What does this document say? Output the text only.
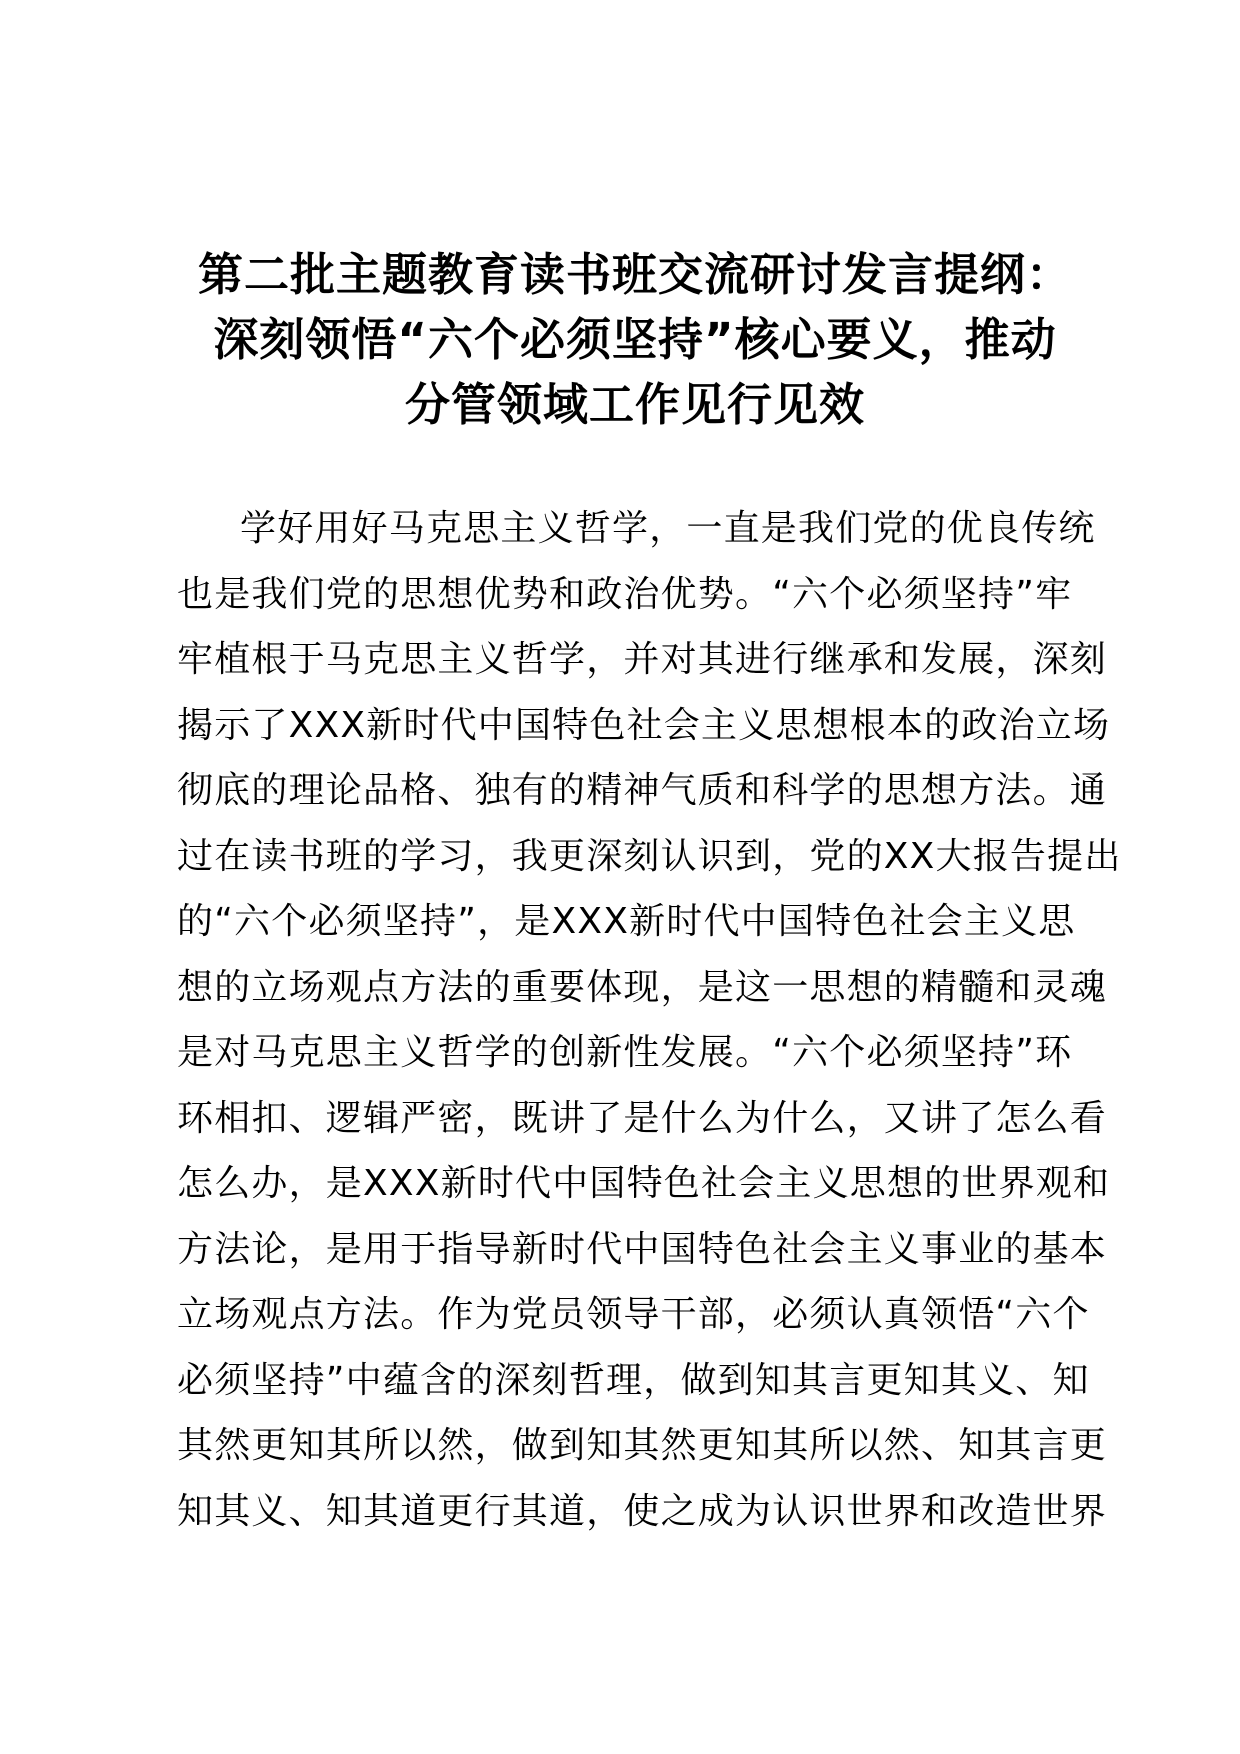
第二批主题教育读书班交流研讨发言提纲：
深刻领悟“六个必须坚持”核心要义，推动
分管领域工作见行见效
学好用好马克思主义哲学，一直是我们党的优良传统
也是我们党的思想优势和政治优势。“六个必须坚持”牢
牢植根于马克思主义哲学，并对其进行继承和发展，深刻
揭示了XXX新时代中国特色社会主义思想根本的政治立场
彻底的理论品格、独有的精神气质和科学的思想方法。通
过在读书班的学习，我更深刻认识到，党的XX大报告提出
的“六个必须坚持”，是XXX新时代中国特色社会主义思
想的立场观点方法的重要体现，是这一思想的精髓和灵魂
是对马克思主义哲学的创新性发展。“六个必须坚持”环
环相扣、逻辑严密，既讲了是什么为什么，又讲了怎么看
怎么办，是XXX新时代中国特色社会主义思想的世界观和
方法论，是用于指导新时代中国特色社会主义事业的基本
立场观点方法。作为党员领导干部，必须认真领悟“六个
必须坚持”中蕴含的深刻哲理，做到知其言更知其义、知
其然更知其所以然，做到知其然更知其所以然、知其言更
知其义、知其道更行其道，使之成为认识世界和改造世界
